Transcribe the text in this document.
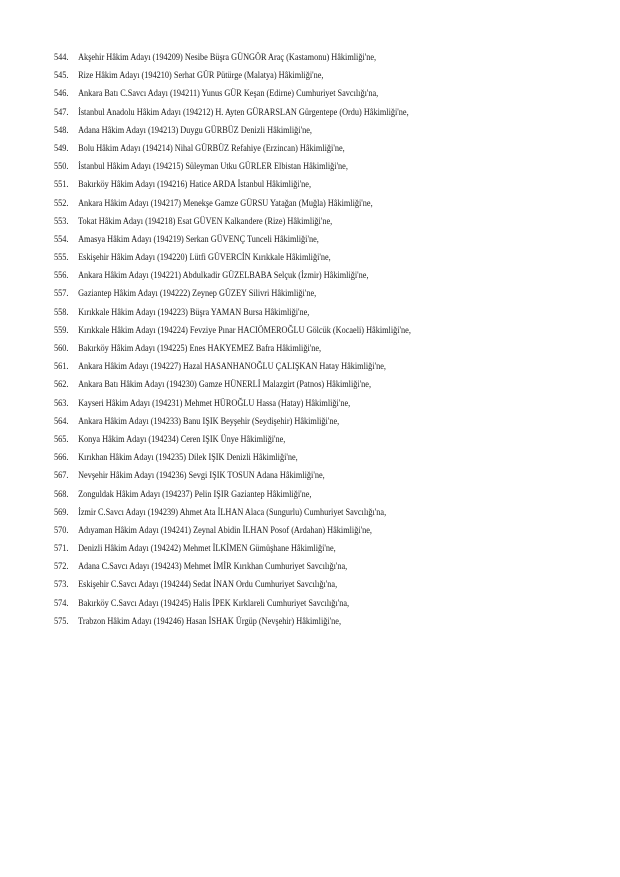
544.	Akşehir Hâkim Adayı (194209) Nesibe Büşra GÜNGÖR Araç (Kastamonu) Hâkimliği'ne,
545.	Rize Hâkim Adayı (194210) Serhat GÜR Pütürge (Malatya) Hâkimliği'ne,
546.	Ankara Batı C.Savcı Adayı (194211) Yunus GÜR Keşan (Edirne) Cumhuriyet Savcılığı'na,
547.	İstanbul Anadolu Hâkim Adayı (194212) H. Ayten GÜRARSLAN Gürgentepe (Ordu) Hâkimliği'ne,
548.	Adana Hâkim Adayı (194213) Duygu GÜRBÜZ Denizli Hâkimliği'ne,
549.	Bolu Hâkim Adayı (194214) Nihal GÜRBÜZ Refahiye (Erzincan) Hâkimliği'ne,
550.	İstanbul Hâkim Adayı (194215) Süleyman Utku GÜRLER Elbistan Hâkimliği'ne,
551.	Bakırköy Hâkim Adayı (194216) Hatice ARDA İstanbul Hâkimliği'ne,
552.	Ankara Hâkim Adayı (194217) Menekşe Gamze GÜRSU Yatağan (Muğla) Hâkimliği'ne,
553.	Tokat Hâkim Adayı (194218) Esat GÜVEN Kalkandere (Rize) Hâkimliği'ne,
554.	Amasya Hâkim Adayı (194219) Serkan GÜVENÇ Tunceli Hâkimliği'ne,
555.	Eskişehir Hâkim Adayı (194220) Lütfi GÜVERCİN Kırıkkale Hâkimliği'ne,
556.	Ankara Hâkim Adayı (194221) Abdulkadir GÜZELBABA Selçuk (İzmir) Hâkimliği'ne,
557.	Gaziantep Hâkim Adayı (194222) Zeynep GÜZEY Silivri Hâkimliği'ne,
558.	Kırıkkale Hâkim Adayı (194223) Büşra YAMAN Bursa Hâkimliği'ne,
559.	Kırıkkale Hâkim Adayı (194224) Fevziye Pınar HACIÖMEROĞLU Gölcük (Kocaeli) Hâkimliği'ne,
560.	Bakırköy Hâkim Adayı (194225) Enes HAKYEMEZ Bafra Hâkimliği'ne,
561.	Ankara Hâkim Adayı (194227) Hazal HASANHANOĞLU ÇALIŞKAN Hatay Hâkimliği'ne,
562.	Ankara Batı Hâkim Adayı (194230) Gamze HÜNERLİ Malazgirt (Patnos) Hâkimliği'ne,
563.	Kayseri Hâkim Adayı (194231) Mehmet HÜROĞLU Hassa (Hatay) Hâkimliği'ne,
564.	Ankara Hâkim Adayı (194233) Banu IŞIK Beyşehir (Seydişehir) Hâkimliği'ne,
565.	Konya Hâkim Adayı (194234) Ceren IŞIK Ünye Hâkimliği'ne,
566.	Kırıkhan Hâkim Adayı (194235) Dilek IŞIK Denizli Hâkimliği'ne,
567.	Nevşehir Hâkim Adayı (194236) Sevgi IŞIK TOSUN Adana Hâkimliği'ne,
568.	Zonguldak Hâkim Adayı (194237) Pelin IŞIR Gaziantep Hâkimliği'ne,
569.	İzmir C.Savcı Adayı (194239) Ahmet Ata İLHAN Alaca (Sungurlu) Cumhuriyet Savcılığı'na,
570.	Adıyaman Hâkim Adayı (194241) Zeynal Abidin İLHAN Posof (Ardahan) Hâkimliği'ne,
571.	Denizli Hâkim Adayı (194242) Mehmet İLKİMEN Gümüşhane Hâkimliği'ne,
572.	Adana C.Savcı Adayı (194243) Mehmet İMİR Kırıkhan Cumhuriyet Savcılığı'na,
573.	Eskişehir C.Savcı Adayı (194244) Sedat İNAN Ordu Cumhuriyet Savcılığı'na,
574.	Bakırköy C.Savcı Adayı (194245) Halis İPEK Kırklareli Cumhuriyet Savcılığı'na,
575.	Trabzon Hâkim Adayı (194246) Hasan İSHAK Ürgüp (Nevşehir) Hâkimliği'ne,
